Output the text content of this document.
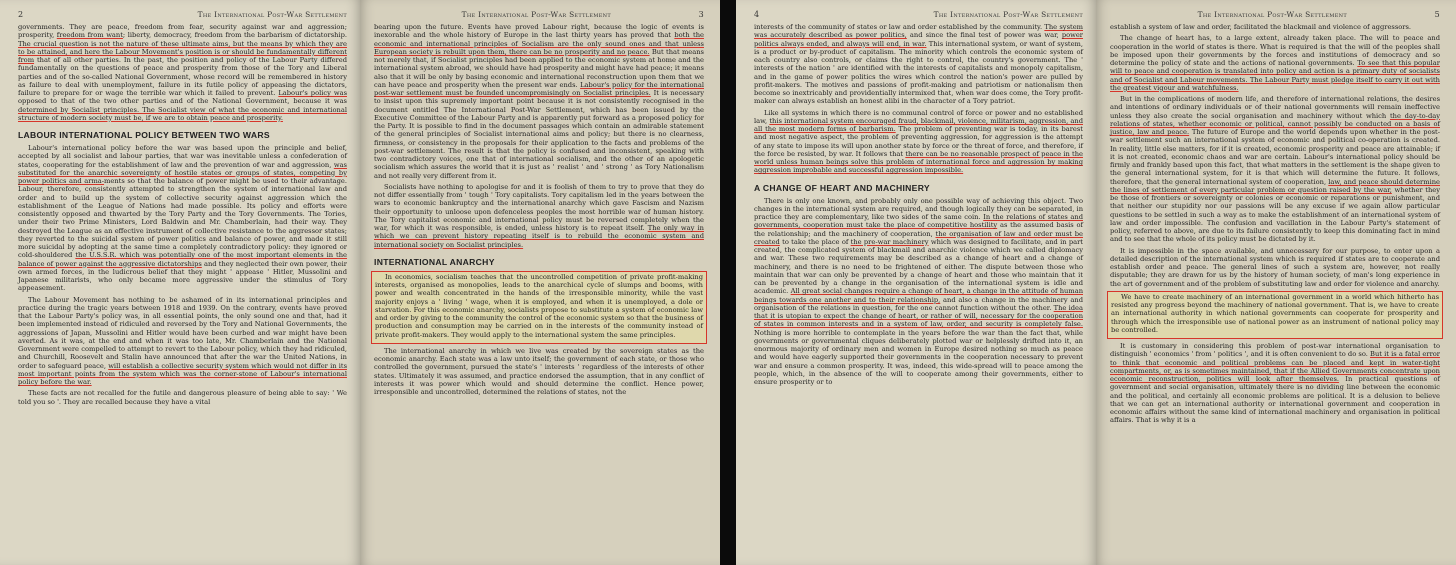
2	The International Post-War Settlement

governments. They are peace, freedom from fear, security against war and aggression; prosperity, freedom from want; liberty, democracy, freedom from the barbarism of dictatorship. The crucial question is not the nature of these ultimate aims, but the means by which they are to be attained, and here the Labour Movement's position is or should be fundamentally different from that of all other parties. In the past, the position and policy of the Labour Party differed fundamentally on the questions of peace and prosperity from those of the Tory and Liberal parties and of the so-called National Government, whose record will be remembered in history as failure to deal with unemployment, failure in its futile policy of appeasing the dictators, failure to prepare for or wage the terrible war which it failed to prevent. Labour's policy was opposed to that of the two other parties and of the National Government, because it was determined by Socialist principles. The Socialist view of what the economic and international structure of modern society must be, if we are to obtain peace and prosperity.

LABOUR INTERNATIONAL POLICY BETWEEN TWO WARS

Labour's international policy before the war was based upon the principle and belief, accepted by all socialist and labour parties, that war was inevitable unless a confederation of states, cooperating for the establishment of law and the prevention of war and aggression, was substituted for the anarchic sovereignty of hostile states or groups of states, competing by power politics and arma-ments so that the balance of power might be used to their advantage. Labour, therefore, consistently attempted to strengthen the system of international law and order and to build up the system of collective security against aggression which the establishment of the League of Nations had made possible. Its policy and efforts were consistently opposed and thwarted by the Tory Party and the Tory Governments. The Tories, under their two Prime Ministers, Lord Baldwin and Mr. Chamberlain, had their way. They destroyed the League as an effective instrument of collective resistance to the aggressor states; they reverted to the suicidal system of power politics and balance of power, and made it still more suicidal by adopting at the same time a completely contradictory policy: they ignored or cold-shouldered the U.S.S.R. which was potentially one of the most important elements in the balance of power against the aggressive dictatorships and they neglected their own power, their own armed forces, in the ludicrous belief that they might ' appease ' Hitler, Mussolini and Japanese militarists, who only became more aggressive under the stimulus of Tory appeasement.

The Labour Movement has nothing to be ashamed of in its international principles and practice during the tragic years between 1918 and 1939. On the contrary, events have proved that the Labour Party's policy was, in all essential points, the only sound one and that, had it been implemented instead of ridiculed and reversed by the Tory and National Governments, the aggressions of Japan, Mussolini and Hitler would have been curbed and war might have been averted. As it was, at the end and when it was too late, Mr. Chamberlain and the National Government were compelled to attempt to revert to the Labour policy, which they had ridiculed, and Churchill, Roosevelt and Stalin have announced that after the war the United Nations, in order to safeguard peace, will establish a collective security system which would not differ in its most important points from the system which was the corner-stone of Labour's international policy before the war.

These facts are not recalled for the futile and dangerous pleasure of being able to say: ' We told you so '. They are recalled because they have a vital

The International Post-War Settlement	3

bearing upon the future. Events have proved Labour right, because the logic of events is inexorable and the whole history of Europe in the last thirty years has proved that both the economic and international principles of Socialism are the only sound ones and that unless European society is rebuilt upon them, there can be no prosperity and no peace. But that means not merely that, if Socialist principles had been applied to the economic system at home and the international system abroad, we should have had prosperity and might have had peace; it means also that it will be only by basing economic and international reconstruction upon them that we can have peace and prosperity when the present war ends. Labour's policy for the international post-war settlement must be founded uncompromisingly on Socialist principles. It is necessary to insist upon this supremely important point because it is not consistently recognised in the document entitled The International Post-War Settlement, which has been issued by the Executive Committee of the Labour Party and is apparently put forward as a proposed policy for the Party. It is possible to find in the document passages which contain an admirable statement of the general principles of Socialist international aims and policy; but there is no clearness, firmness, or consistency in the proposals for their application to the facts and problems of the post-war settlement. The result is that the policy is confused and inconsistent, speaking with two contradictory voices, one that of international socialism, and the other of an apologetic socialism which assures the world that it is just as ' realist ' and ' strong ' as Tory Nationalism and not really very different from it.

Socialists have nothing to apologise for and it is foolish of them to try to prove that they do not differ essentially from ' tough ' Tory capitalists. Tory capitalism led in the years between the wars to economic bankruptcy and the international anarchy which gave Fascism and Nazism their opportunity to unloose upon defenceless peoples the most horrible war of human history. The Tory capitalist economic and international policy must be reversed completely when the war, for which it was responsible, is ended, unless history is to repeat itself. The only way in which we can prevent history repeating itself is to rebuild the economic system and international society on Socialist principles.

INTERNATIONAL ANARCHY

In economics, socialism teaches that the uncontrolled competition of private profit-making interests, organised as monopolies, leads to the anarchical cycle of slumps and booms, with power and wealth concentrated in the hands of the irresponsible minority, while the vast majority enjoys a ' living ' wage, when it is employed, and when it is unemployed, a dole or starvation. For this economic anarchy, socialists propose to substitute a system of economic law and order by giving to the community the control of the economic system so that the business of production and consumption may be carried on in the interests of the community instead of private profit-makers. They would apply to the international system the same principles.

The international anarchy in which we live was created by the sovereign states as the economic anarchy. Each state was a law unto itself; the government of each state, or those who controlled the government, pursued the state's ' interests ' regardless of the interests of other states. Ultimately it was assumed, and practice endorsed the assumption, that in any conflict of interests it was power which would and should determine the conflict. Hence power, irresponsible and uncontrolled, determined the relations of states, not the

4	The International Post-War Settlement

interests of the community of states or law and order established by the community. The system was accurately described as power politics, and since the final test of power was war, power politics always ended, and always will end, in war. This international system, or want of system, is a product or by-product of capitalism. The minority which controls the economic system of each country also controls, or claims the right to control, the country's government. The ' interests of the nation ' are identified with the interests of capitalists and monopoly capitalism, and in the game of power politics the wires which control the nation's power are pulled by profit-makers. The motives and passions of profit-making and patriotism or nationalism then become so inextricably and providentially intermixed that, when war does come, the Tory profit-maker can always establish an honest alibi in the character of a Tory patriot.

Like all systems in which there is no communal control of force or power and no established law, this international system encouraged fraud, blackmail, violence, militarism, aggression, and all the most modern forms of barbarism. The problem of preventing war is today, in its barest and most negative aspect, the problem of preventing aggression, for aggression is the attempt of any state to impose its will upon another state by force or the threat of force, and therefore, if the force be resisted, by war. It follows that there can be no reasonable prospect of peace in the world unless human beings solve this problem of international force and aggression by making aggression improbable and successful aggression impossible.

A CHANGE OF HEART AND MACHINERY

There is only one known, and probably only one possible way of achieving this object. Two changes in the international system are required, and though logically they can be separated, in practice they are complementary, like two sides of the same coin. In the relations of states and governments, cooperation must take the place of competitive hostility as the assumed basis of the relationship; and the machinery of cooperation, the organisation of law and order must be created to take the place of the pre-war machinery which was designed to facilitate, and in part created, the complicated system of blackmail and anarchic violence which we called diplomacy and war. These two requirements may be described as a change of heart and a change of machinery, and there is no need to be frightened of either. The dispute between those who maintain that war can only be prevented by a change of heart and those who maintain that it can be prevented by a change in the organisation of the international system is idle and academic. All great social changes require a change of heart, a change in the attitude of human beings towards one another and to their relationship, and also a change in the machinery and organisation of the relations in question, for the one cannot function without the other. The idea that it is utopian to expect the change of heart, or rather of will, necessary for the cooperation of states in common interests and in a system of law, order, and security is completely false. Nothing is more horrible to contemplate in the years before the war than the fact that, while governments or governmental cliques deliberately plotted war or helplessly drifted into it, an enormous majority of ordinary men and women in Europe desired nothing so much as peace and would have eagerly supported their governments in the cooperation necessary to prevent war and ensure a common prosperity. It was, indeed, this wide-spread will to peace among the people, which, in the absence of the will to cooperate among their governments, either to ensure prosperity or to

The International Post-War Settlement	5

establish a system of law and order, facilitated the blackmail and violence of aggressors.

The change of heart has, to a large extent, already taken place. The will to peace and cooperation in the world of states is there. What is required is that the will of the peoples shall be imposed upon their governments by the forces and institutions of democracy and so determine the policy of state and the actions of national governments. To see that this popular will to peace and cooperation is translated into policy and action is a primary duty of socialists and of Socialist and Labour movements. The Labour Party must pledge itself to carry it out with the greatest vigour and watchfulness.

But in the complications of modern life, and therefore of international relations, the desires and intentions of ordinary individuals or of their national governments will remain ineffective unless they also create the social organisation and machinery without which the day-to-day relations of states, whether economic or political, cannot possibly be conducted on a basis of justice, law and peace. The future of Europe and the world depends upon whether in the post-war settlement such an international system of economic and political co-operation is created. In reality, little else matters, for if it is created, economic prosperity and peace are attainable; if it is not created, economic chaos and war are certain. Labour's international policy should be firmly and frankly based upon this fact, that what matters in the settlement is the shape given to the general international system, for it is that which will determine the future. It follows, therefore, that the general international system of cooperation, law, and peace should determine the lines of settlement of every particular problem or question raised by the war, whether they be those of frontiers or sovereignty or colonies or economic or reparations or punishment, and that neither our stupidity nor our passions will be any excuse if we again allow particular questions to be settled in such a way as to make the establishment of an international system of law and order impossible. The confusion and vacillation in the Labour Party's statement of policy, referred to above, are due to its failure consistently to keep this dominating fact in mind and to see that the whole of its policy must be dictated by it.

It is impossible in the space available, and unnecessary for our purpose, to enter upon a detailed description of the international system which is required if states are to cooperate and establish order and peace. The general lines of such a system are, however, not really disputable; they are drawn for us by the history of human society, of man's long experience in the art of government and of the problem of substituting law and order for violence and anarchy.

We have to create machinery of an international government in a world which hitherto has resisted any progress beyond the machinery of national government. That is, we have to create an international authority in which national governments can cooperate for prosperity and through which the irresponsible use of national power as an instrument of national policy may be controlled.

It is customary in considering this problem of post-war international organisation to distinguish ' economics ' from ' politics ', and it is often convenient to do so. But it is a fatal error to think that economic and political problems can be placed and kept in water-tight compartments, or, as is sometimes maintained, that if the Allied Governments concentrate upon economic reconstruction, politics will look after themselves. In practical questions of government and social organisation, ultimately there is no dividing line between the economic and the political, and certainly all economic problems are political. It is a delusion to believe that we can get an international authority or international government and cooperation in economic affairs without the same kind of international machinery and organisation in political affairs. That is why it is a
